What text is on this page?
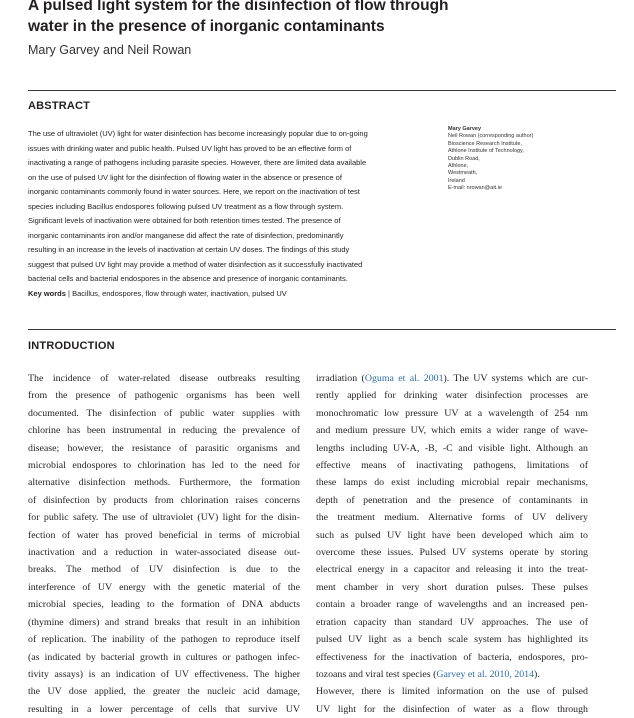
A pulsed light system for the disinfection of flow through
water in the presence of inorganic contaminants
Mary Garvey and Neil Rowan
ABSTRACT
The use of ultraviolet (UV) light for water disinfection has become increasingly popular due to on-going
issues with drinking water and public health. Pulsed UV light has proved to be an effective form of
inactivating a range of pathogens including parasite species. However, there are limited data available
on the use of pulsed UV light for the disinfection of flowing water in the absence or presence of
inorganic contaminants commonly found in water sources. Here, we report on the inactivation of test
species including Bacillus endospores following pulsed UV treatment as a flow through system.
Significant levels of inactivation were obtained for both retention times tested. The presence of
inorganic contaminants iron and/or manganese did affect the rate of disinfection, predominantly
resulting in an increase in the levels of inactivation at certain UV doses. The findings of this study
suggest that pulsed UV light may provide a method of water disinfection as it successfully inactivated
bacterial cells and bacterial endospores in the absence and presence of inorganic contaminants.
Key words | Bacillus, endospores, flow through water, inactivation, pulsed UV
Mary Garvey
Neil Rowan (corresponding author)
Bioscience Research Institute,
Athlone Institute of Technology,
Dublin Road,
Athlone,
Westmeath,
Ireland
E-mail: nrowan@ait.ie
INTRODUCTION
The incidence of water-related disease outbreaks resulting
from the presence of pathogenic organisms has been well
documented. The disinfection of public water supplies with
chlorine has been instrumental in reducing the prevalence of
disease; however, the resistance of parasitic organisms and
microbial endospores to chlorination has led to the need for
alternative disinfection methods. Furthermore, the formation
of disinfection by products from chlorination raises concerns
for public safety. The use of ultraviolet (UV) light for the disin-
fection of water has proved beneficial in terms of microbial
inactivation and a reduction in water-associated disease out-
breaks. The method of UV disinfection is due to the
interference of UV energy with the genetic material of the
microbial species, leading to the formation of DNA abducts
(thymine dimers) and strand breaks that result in an inhibition
of replication. The inability of the pathogen to reproduce itself
(as indicated by bacterial growth in cultures or pathogen infec-
tivity assays) is an indication of UV effectiveness. The higher
the UV dose applied, the greater the nucleic acid damage,
resulting in a lower percentage of cells that survive UV
irradiation (Oguma et al. 2001). The UV systems which are cur-
rently applied for drinking water disinfection processes are
monochromatic low pressure UV at a wavelength of 254 nm
and medium pressure UV, which emits a wider range of wave-
lengths including UV-A, -B, -C and visible light. Although an
effective means of inactivating pathogens, limitations of
these lamps do exist including microbial repair mechanisms,
depth of penetration and the presence of contaminants in
the treatment medium. Alternative forms of UV delivery
such as pulsed UV light have been developed which aim to
overcome these issues. Pulsed UV systems operate by storing
electrical energy in a capacitor and releasing it into the treat-
ment chamber in very short duration pulses. These pulses
contain a broader range of wavelengths and an increased pen-
etration capacity than standard UV approaches. The use of
pulsed UV light as a bench scale system has highlighted its
effectiveness for the inactivation of bacteria, endospores, pro-
tozoans and viral test species (Garvey et al. 2010, 2014).
However, there is limited information on the use of pulsed
UV light for the disinfection of water as a flow through
